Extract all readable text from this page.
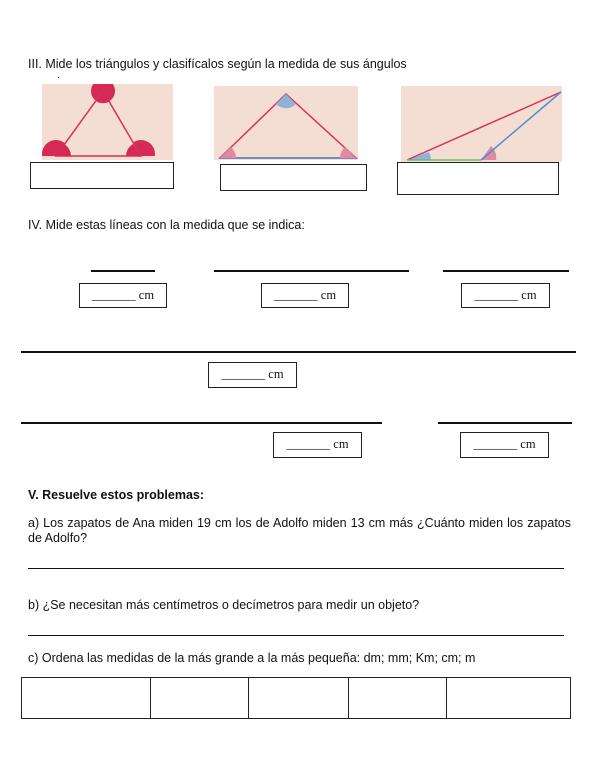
III. Mide los triángulos y clasifícalos según la medida de sus ángulos
.
IV. Mide estas líneas con la medida que se indica:
_______ cm	_______ cm	_______ cm
_______ cm
_______ cm	_______ cm
V. Resuelve estos problemas:
a) Los zapatos de Ana miden 19 cm los de Adolfo miden 13 cm más ¿Cuánto miden los zapatos de Adolfo?
b) ¿Se necesitan más centímetros o decímetros para medir un objeto?
c) Ordena las medidas de la más grande a la más pequeña: dm; mm; Km; cm; m
